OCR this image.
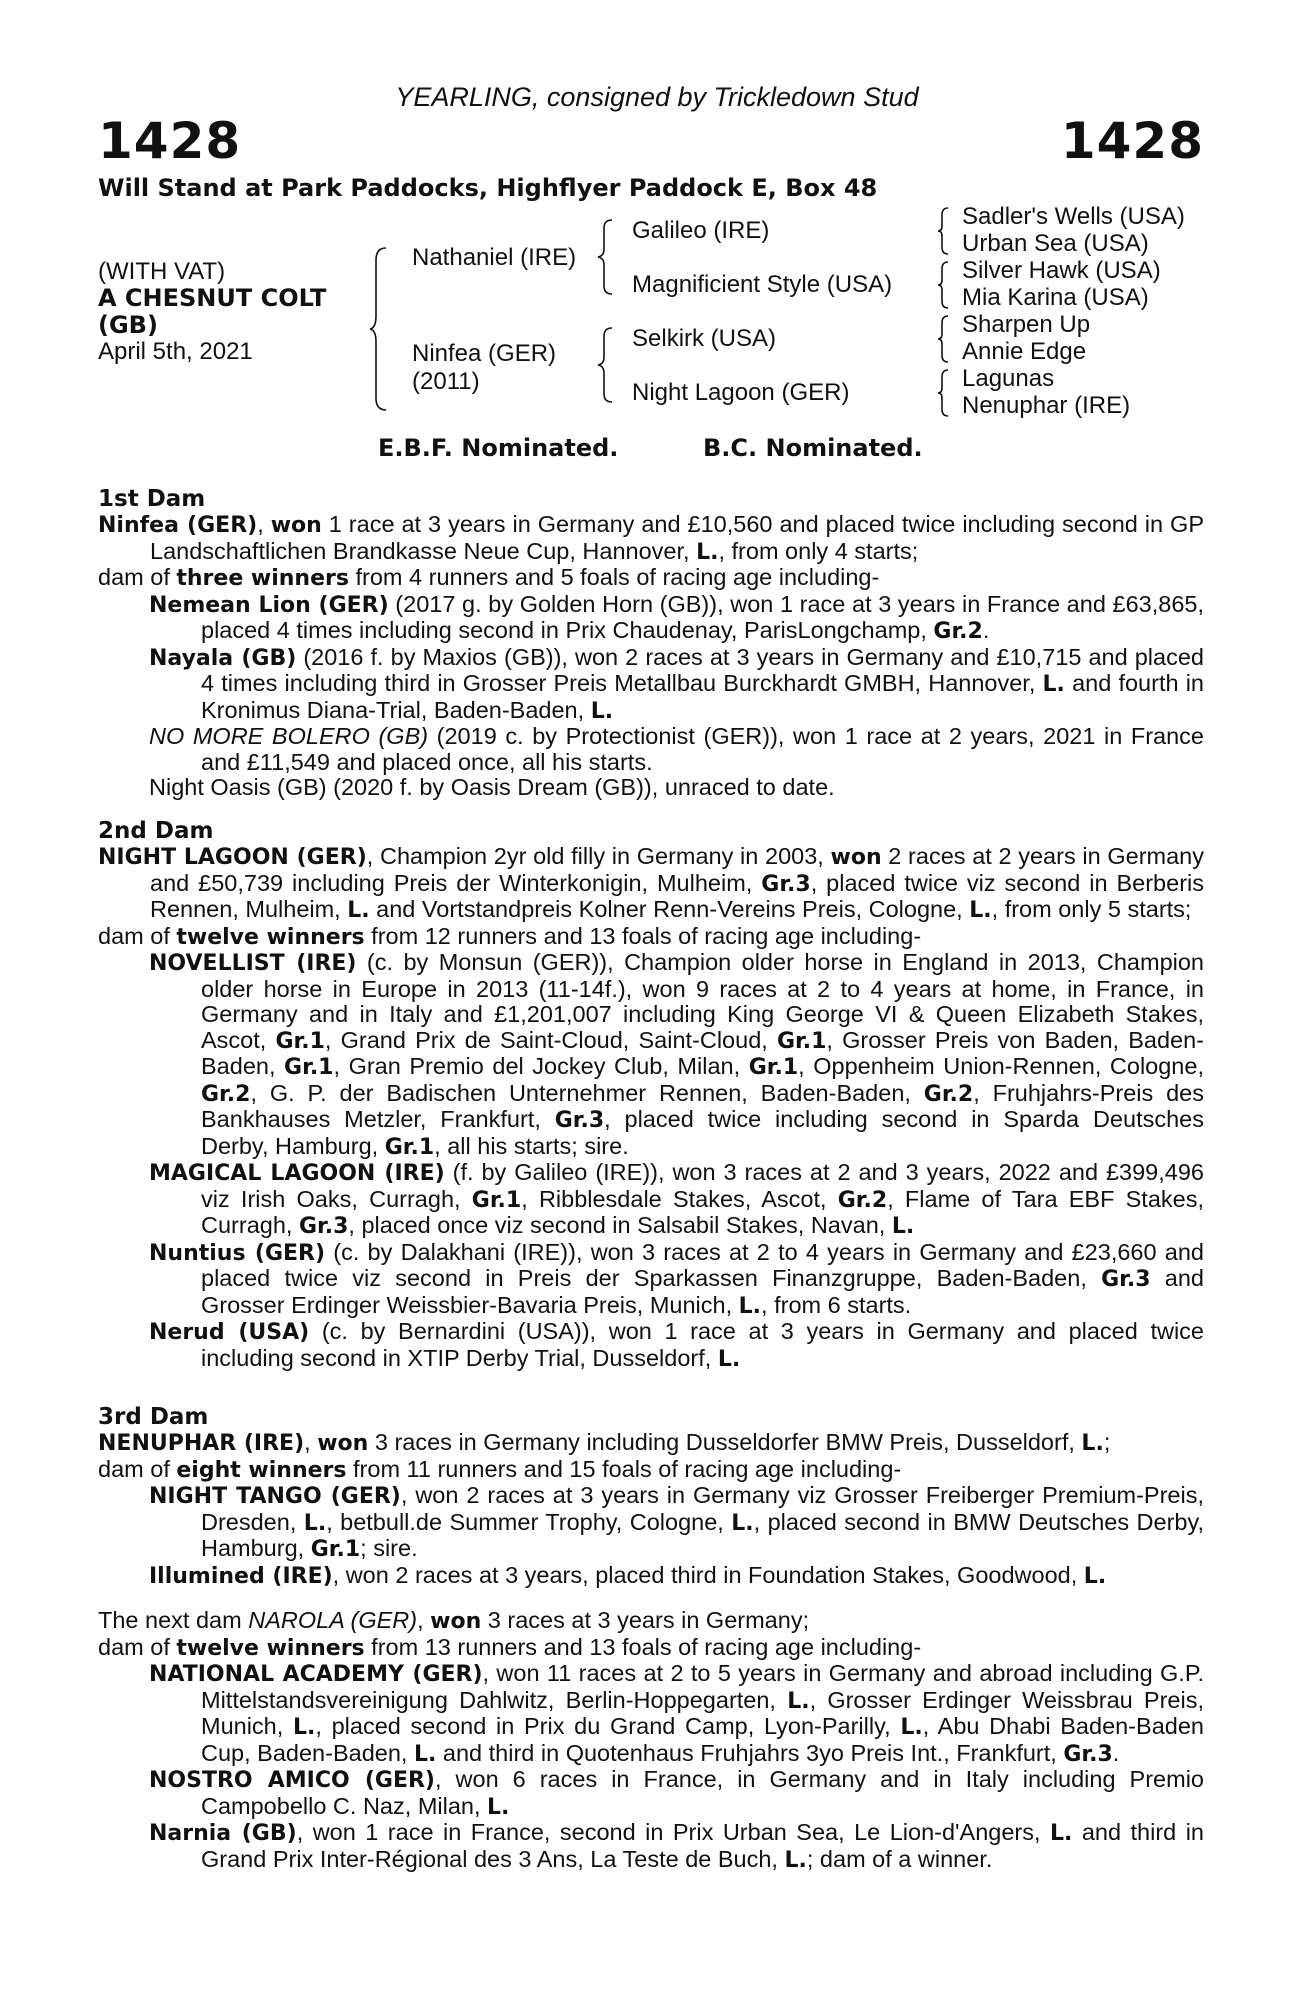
YEARLING, consigned by Trickledown Stud
1428	1428
Will Stand at Park Paddocks, Highflyer Paddock E, Box 48
(WITH VAT)
A CHESNUT COLT
(GB)
April 5th, 2021
Nathaniel (IRE)
Ninfea (GER)
(2011)
Galileo (IRE)
Magnificient Style (USA)
Selkirk (USA)
Night Lagoon (GER)
Sadler's Wells (USA)
Urban Sea (USA)
Silver Hawk (USA)
Mia Karina (USA)
Sharpen Up
Annie Edge
Lagunas
Nenuphar (IRE)
E.B.F. Nominated.	B.C. Nominated.
1st Dam

Ninfea (GER), won 1 race at 3 years in Germany and £10,560 and placed twice including second in GP Landschaftlichen Brandkasse Neue Cup, Hannover, L., from only 4 starts;

dam of three winners from 4 runners and 5 foals of racing age including-

Nemean Lion (GER) (2017 g. by Golden Horn (GB)), won 1 race at 3 years in France and £63,865, placed 4 times including second in Prix Chaudenay, ParisLongchamp, Gr.2.

Nayala (GB) (2016 f. by Maxios (GB)), won 2 races at 3 years in Germany and £10,715 and placed 4 times including third in Grosser Preis Metallbau Burckhardt GMBH, Hannover, L. and fourth in Kronimus Diana-Trial, Baden-Baden, L.

NO MORE BOLERO (GB) (2019 c. by Protectionist (GER)), won 1 race at 2 years, 2021 in France and £11,549 and placed once, all his starts.

Night Oasis (GB) (2020 f. by Oasis Dream (GB)), unraced to date.

2nd Dam

NIGHT LAGOON (GER), Champion 2yr old filly in Germany in 2003, won 2 races at 2 years in Germany and £50,739 including Preis der Winterkonigin, Mulheim, Gr.3, placed twice viz second in Berberis Rennen, Mulheim, L. and Vortstandpreis Kolner Renn-Vereins Preis, Cologne, L., from only 5 starts;

dam of twelve winners from 12 runners and 13 foals of racing age including-

NOVELLIST (IRE) (c. by Monsun (GER)), Champion older horse in England in 2013, Champion older horse in Europe in 2013 (11-14f.), won 9 races at 2 to 4 years at home, in France, in Germany and in Italy and £1,201,007 including King George VI & Queen Elizabeth Stakes, Ascot, Gr.1, Grand Prix de Saint-Cloud, Saint-Cloud, Gr.1, Grosser Preis von Baden, Baden-Baden, Gr.1, Gran Premio del Jockey Club, Milan, Gr.1, Oppenheim Union-Rennen, Cologne, Gr.2, G. P. der Badischen Unternehmer Rennen, Baden-Baden, Gr.2, Fruhjahrs-Preis des Bankhauses Metzler, Frankfurt, Gr.3, placed twice including second in Sparda Deutsches Derby, Hamburg, Gr.1, all his starts; sire.

MAGICAL LAGOON (IRE) (f. by Galileo (IRE)), won 3 races at 2 and 3 years, 2022 and £399,496 viz Irish Oaks, Curragh, Gr.1, Ribblesdale Stakes, Ascot, Gr.2, Flame of Tara EBF Stakes, Curragh, Gr.3, placed once viz second in Salsabil Stakes, Navan, L.

Nuntius (GER) (c. by Dalakhani (IRE)), won 3 races at 2 to 4 years in Germany and £23,660 and placed twice viz second in Preis der Sparkassen Finanzgruppe, Baden-Baden, Gr.3 and Grosser Erdinger Weissbier-Bavaria Preis, Munich, L., from 6 starts.

Nerud (USA) (c. by Bernardini (USA)), won 1 race at 3 years in Germany and placed twice including second in XTIP Derby Trial, Dusseldorf, L.

3rd Dam

NENUPHAR (IRE), won 3 races in Germany including Dusseldorfer BMW Preis, Dusseldorf, L.;

dam of eight winners from 11 runners and 15 foals of racing age including-

NIGHT TANGO (GER), won 2 races at 3 years in Germany viz Grosser Freiberger Premium-Preis, Dresden, L., betbull.de Summer Trophy, Cologne, L., placed second in BMW Deutsches Derby, Hamburg, Gr.1; sire.

Illumined (IRE), won 2 races at 3 years, placed third in Foundation Stakes, Goodwood, L.

The next dam NAROLA (GER), won 3 races at 3 years in Germany;

dam of twelve winners from 13 runners and 13 foals of racing age including-

NATIONAL ACADEMY (GER), won 11 races at 2 to 5 years in Germany and abroad including G.P. Mittelstandsvereinigung Dahlwitz, Berlin-Hoppegarten, L., Grosser Erdinger Weissbrau Preis, Munich, L., placed second in Prix du Grand Camp, Lyon-Parilly, L., Abu Dhabi Baden-Baden Cup, Baden-Baden, L. and third in Quotenhaus Fruhjahrs 3yo Preis Int., Frankfurt, Gr.3.

NOSTRO AMICO (GER), won 6 races in France, in Germany and in Italy including Premio Campobello C. Naz, Milan, L.

Narnia (GB), won 1 race in France, second in Prix Urban Sea, Le Lion-d'Angers, L. and third in Grand Prix Inter-Régional des 3 Ans, La Teste de Buch, L.; dam of a winner.
